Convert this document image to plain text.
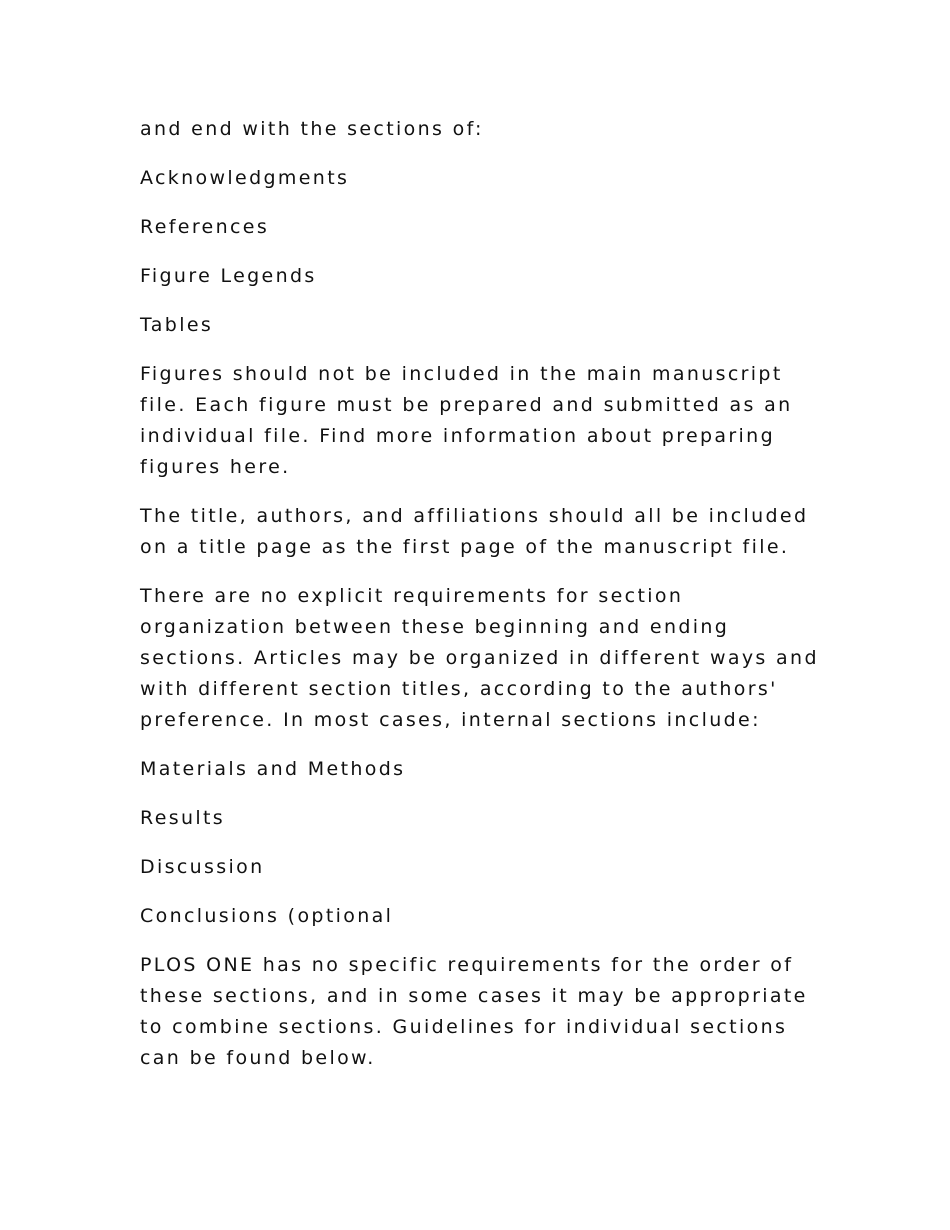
and end with the sections of:

Acknowledgments

References

Figure Legends

Tables

Figures should not be included in the main manuscript file. Each figure must be prepared and submitted as an individual file. Find more information about preparing figures here.

The title, authors, and affiliations should all be included on a title page as the first page of the manuscript file.

There are no explicit requirements for section organization between these beginning and ending sections. Articles may be organized in different ways and with different section titles, according to the authors' preference. In most cases, internal sections include:

Materials and Methods

Results

Discussion

Conclusions (optional

PLOS ONE has no specific requirements for the order of these sections, and in some cases it may be appropriate to combine sections. Guidelines for individual sections can be found below.
